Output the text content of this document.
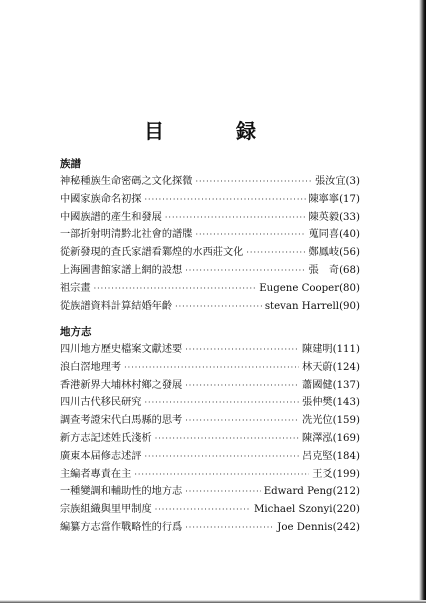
目　録
族譜
神秘種族生命密碼之文化探微 ·····	張汝宜 ( 3 )
中國家族命名初探 ·····	陳寧寧 ( 17 )
中國族譜的產生和發展 ·····	陳英毅 ( 33 )
一部折射明清黔北社會的譜牒 ·····	蒐同喜 ( 40 )
從新發現的査氏家譜看鄴煌的水西莊文化 ·····	鄭鳳岐 ( 56 )
上海圖書館家譜上網的設想 ·····	張　奇 ( 68 )
祖宗畫 ·····	Eugene Cooper ( 80 )
從族譜資料計算結婚年齡 ·····	stevan Harrell ( 90 )
地方志
四川地方歷史檔案文獻述要 ·····	陳建明 ( 111 )
浪白滘地理考 ·····	林天蔚 ( 124 )
香港新界大埔林村鄉之發展 ·····	蕭國健 ( 137 )
四川古代移民研究 ·····	張仲樊 ( 143 )
調查考證宋代白馬縣的思考 ·····	冼光位 ( 159 )
新方志記述姓氏淺析 ·····	陳澤泓 ( 169 )
廣東本届修志述評 ·····	呂克堅 ( 184 )
主編者專責在主 ·····	王爻 ( 199 )
一種變調和輔助性的地方志 ·····	Edward Peng ( 212 )
宗族組織與里甲制度 ·····	Michael Szonyi ( 220 )
編纂方志當作戰略性的行爲 ·····	Joe Dennis ( 242 )
